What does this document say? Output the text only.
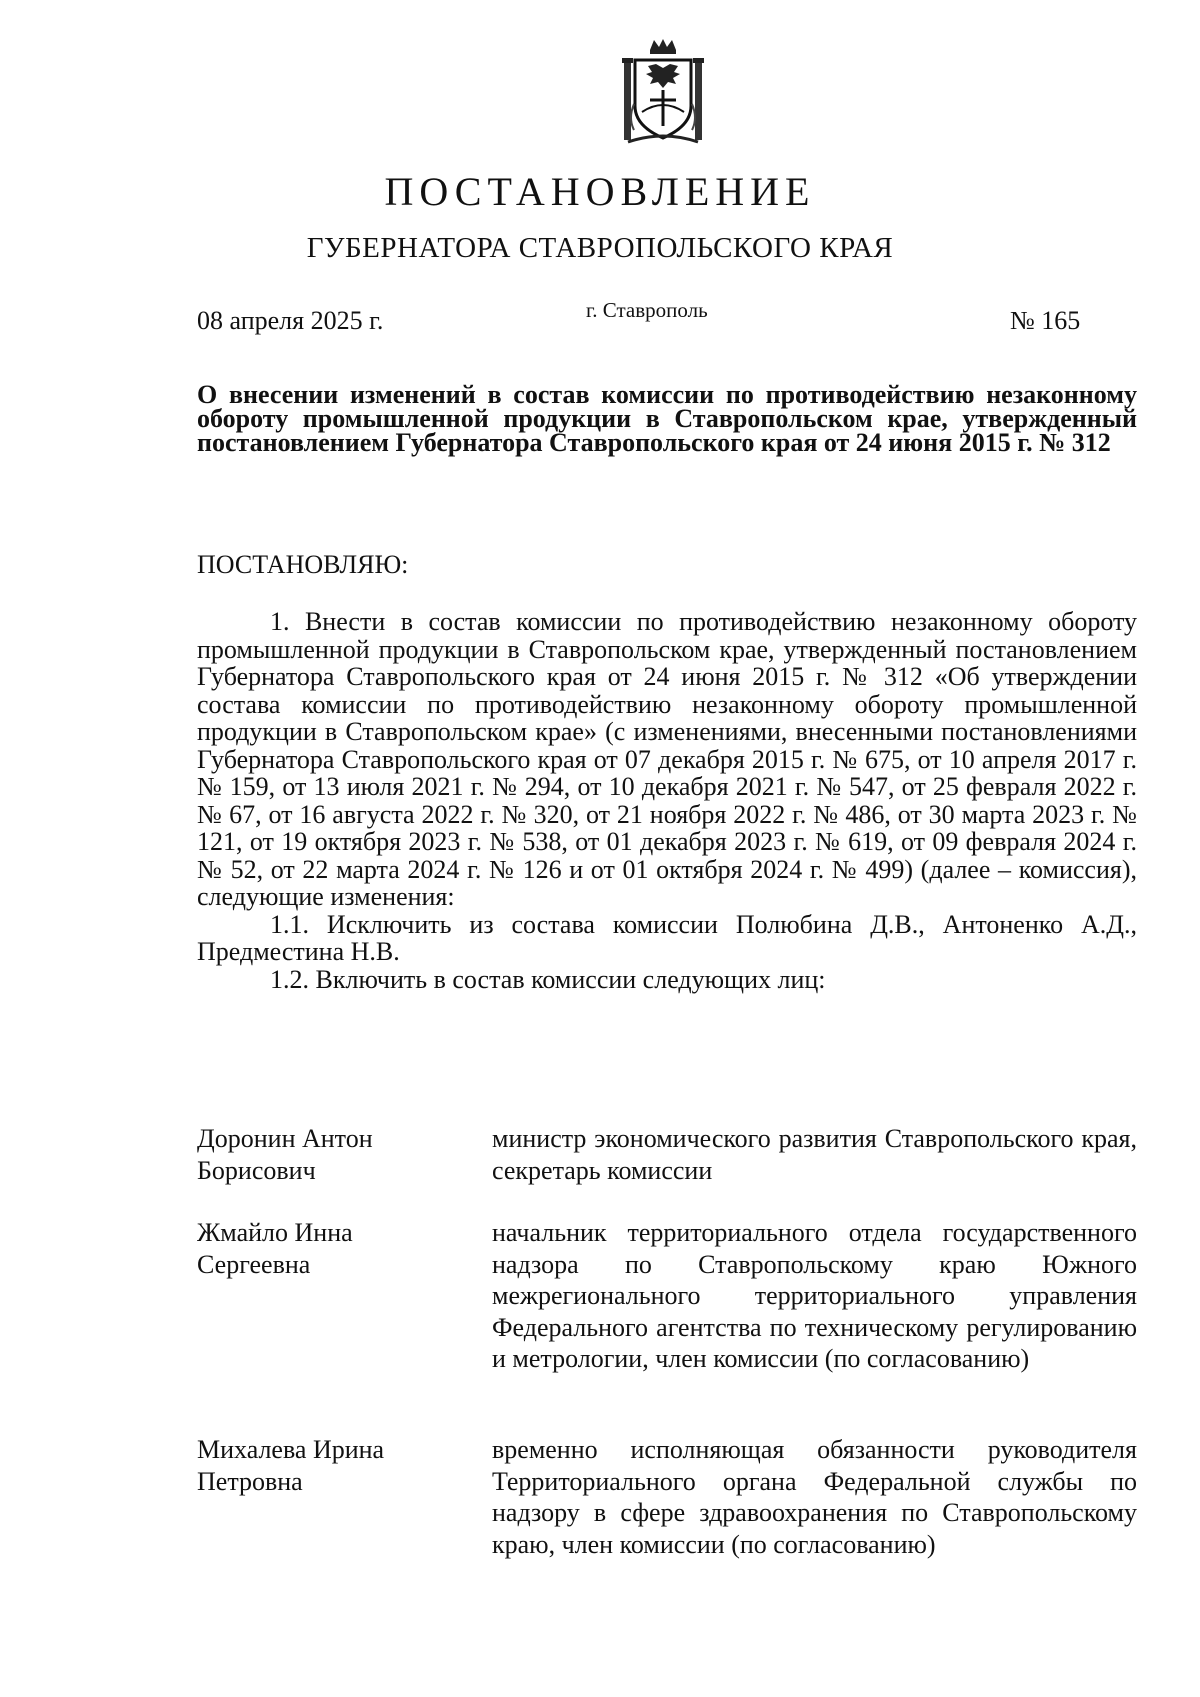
ПОСТАНОВЛЕНИЕ
ГУБЕРНАТОРА СТАВРОПОЛЬСКОГО КРАЯ
08 апреля 2025 г.	г. Ставрополь	№ 165
О внесении изменений в состав комиссии по противодействию незаконному обороту промышленной продукции в Ставропольском крае, утвержденный постановлением Губернатора Ставропольского края от 24 июня 2015 г. № 312
ПОСТАНОВЛЯЮ:

1. Внести в состав комиссии по противодействию незаконному обороту промышленной продукции в Ставропольском крае, утвержденный постановлением Губернатора Ставропольского края от 24 июня 2015 г. № 312 «Об утверждении состава комиссии по противодействию незаконному обороту промышленной продукции в Ставропольском крае» (с изменениями, внесенными постановлениями Губернатора Ставропольского края от 07 декабря 2015 г. № 675, от 10 апреля 2017 г. № 159, от 13 июля 2021 г. № 294, от 10 декабря 2021 г. № 547, от 25 февраля 2022 г. № 67, от 16 августа 2022 г. № 320, от 21 ноября 2022 г. № 486, от 30 марта 2023 г. № 121, от 19 октября 2023 г. № 538, от 01 декабря 2023 г. № 619, от 09 февраля 2024 г. № 52, от 22 марта 2024 г. № 126 и от 01 октября 2024 г. № 499) (далее – комиссия), следующие изменения:

1.1. Исключить из состава комиссии Полюбина Д.В., Антоненко А.Д., Предместина Н.В.

1.2. Включить в состав комиссии следующих лиц:

Доронин Антон Борисович
министр экономического развития Ставропольского края, секретарь комиссии
Жмайло Инна Сергеевна
начальник территориального отдела государственного надзора по Ставропольскому краю Южного межрегионального территориального управления Федерального агентства по техническому регулированию и метрологии, член комиссии (по согласованию)
Михалева Ирина Петровна
временно исполняющая обязанности руководителя Территориального органа Федеральной службы по надзору в сфере здравоохранения по Ставропольскому краю, член комиссии (по согласованию)
